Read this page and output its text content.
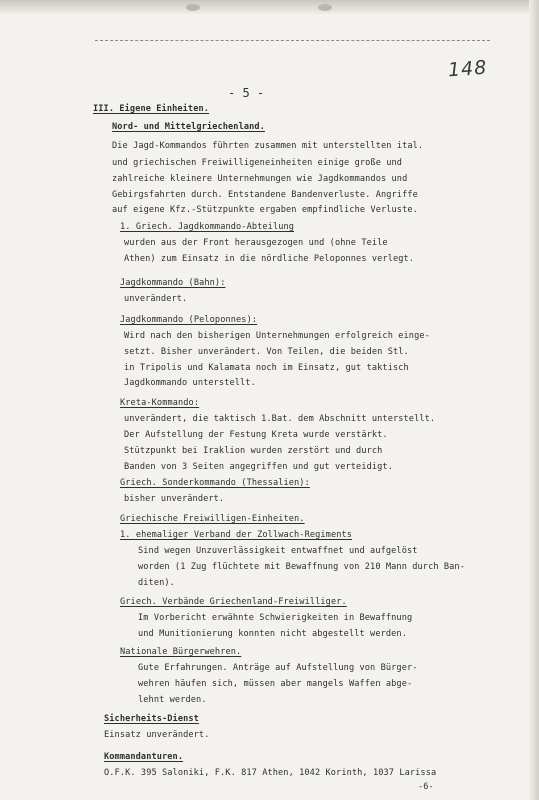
148
- 5 -
III. Eigene Einheiten.
Nord- und Mittelgriechenland.
Die Jagd-Kommandos führten zusammen mit unterstellten ital.
und griechischen Freiwilligeneinheiten einige große und
zahlreiche kleinere Unternehmungen wie Jagdkommandos und
Gebirgsfahrten durch. Entstandene Bandenverluste. Angriffe
auf eigene Kfz.-Stützpunkte ergaben empfindliche Verluste.
1. Griech. Jagdkommando-Abteilung
wurden aus der Front herausgezogen und (ohne Teile
Athen) zum Einsatz in die nördliche Peloponnes verlegt.
Jagdkommando (Bahn):
unverändert.
Jagdkommando (Peloponnes):
Wird nach den bisherigen Unternehmungen erfolgreich einge-
setzt. Bisher unverändert. Von Teilen, die beiden Stl.
in Tripolis und Kalamata noch im Einsatz, gut taktisch
Jagdkommando unterstellt.
Kreta-Kommando:
unverändert, die taktisch 1.Bat. dem Abschnitt unterstellt.
Der Aufstellung der Festung Kreta wurde verstärkt.
Stützpunkt bei Iraklion wurden zerstört und durch
Banden von 3 Seiten angegriffen und gut verteidigt.
Griech. Sonderkommando (Thessalien):
bisher unverändert.
Griechische Freiwilligen-Einheiten.
1. ehemaliger Verband der Zollwach-Regiments
Sind wegen Unzuverlässigkeit entwaffnet und aufgelöst
worden (1 Zug flüchtete mit Bewaffnung von 210 Mann durch Ban-
diten).
Griech. Verbände Griechenland-Freiwilliger.
Im Vorbericht erwähnte Schwierigkeiten in Bewaffnung
und Munitionierung konnten nicht abgestellt werden.
Nationale Bürgerwehren.
Gute Erfahrungen. Anträge auf Aufstellung von Bürger-
wehren häufen sich, müssen aber mangels Waffen abge-
lehnt werden.
Sicherheits-Dienst
Einsatz unverändert.
Kommandanturen.
O.F.K. 395 Saloniki, F.K. 817 Athen, 1042 Korinth, 1037 Larissa
-6-
